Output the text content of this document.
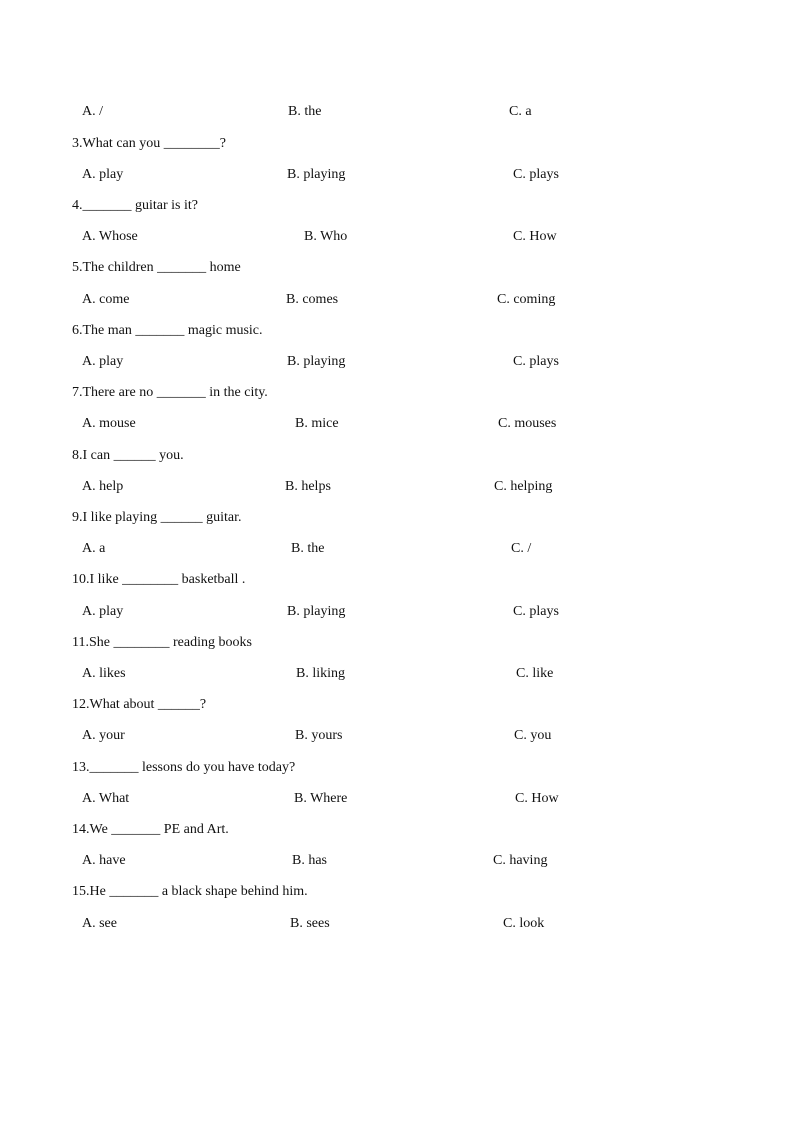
A. /	B. the	C. a
3.What can you ________?
A. play	B. playing	C. plays
4._______ guitar is it?
A. Whose	B. Who	C. How
5.The children _______ home
A. come	B. comes	C. coming
6.The man _______ magic music.
A. play	B. playing	C. plays
7.There are no _______ in the city.
A. mouse	B. mice	C. mouses
8.I can ______ you.
A. help	B. helps	C. helping
9.I like playing ______ guitar.
A. a	B. the	C. /
10.I like ________ basketball .
A. play	B. playing	C. plays
11.She ________ reading books
A. likes	B. liking	C. like
12.What about ______?
A. your	B. yours	C. you
13._______ lessons do you have today?
A. What	B. Where	C. How
14.We _______ PE and Art.
A. have	B. has	C. having
15.He _______ a black shape behind him.
A. see	B. sees	C. look
